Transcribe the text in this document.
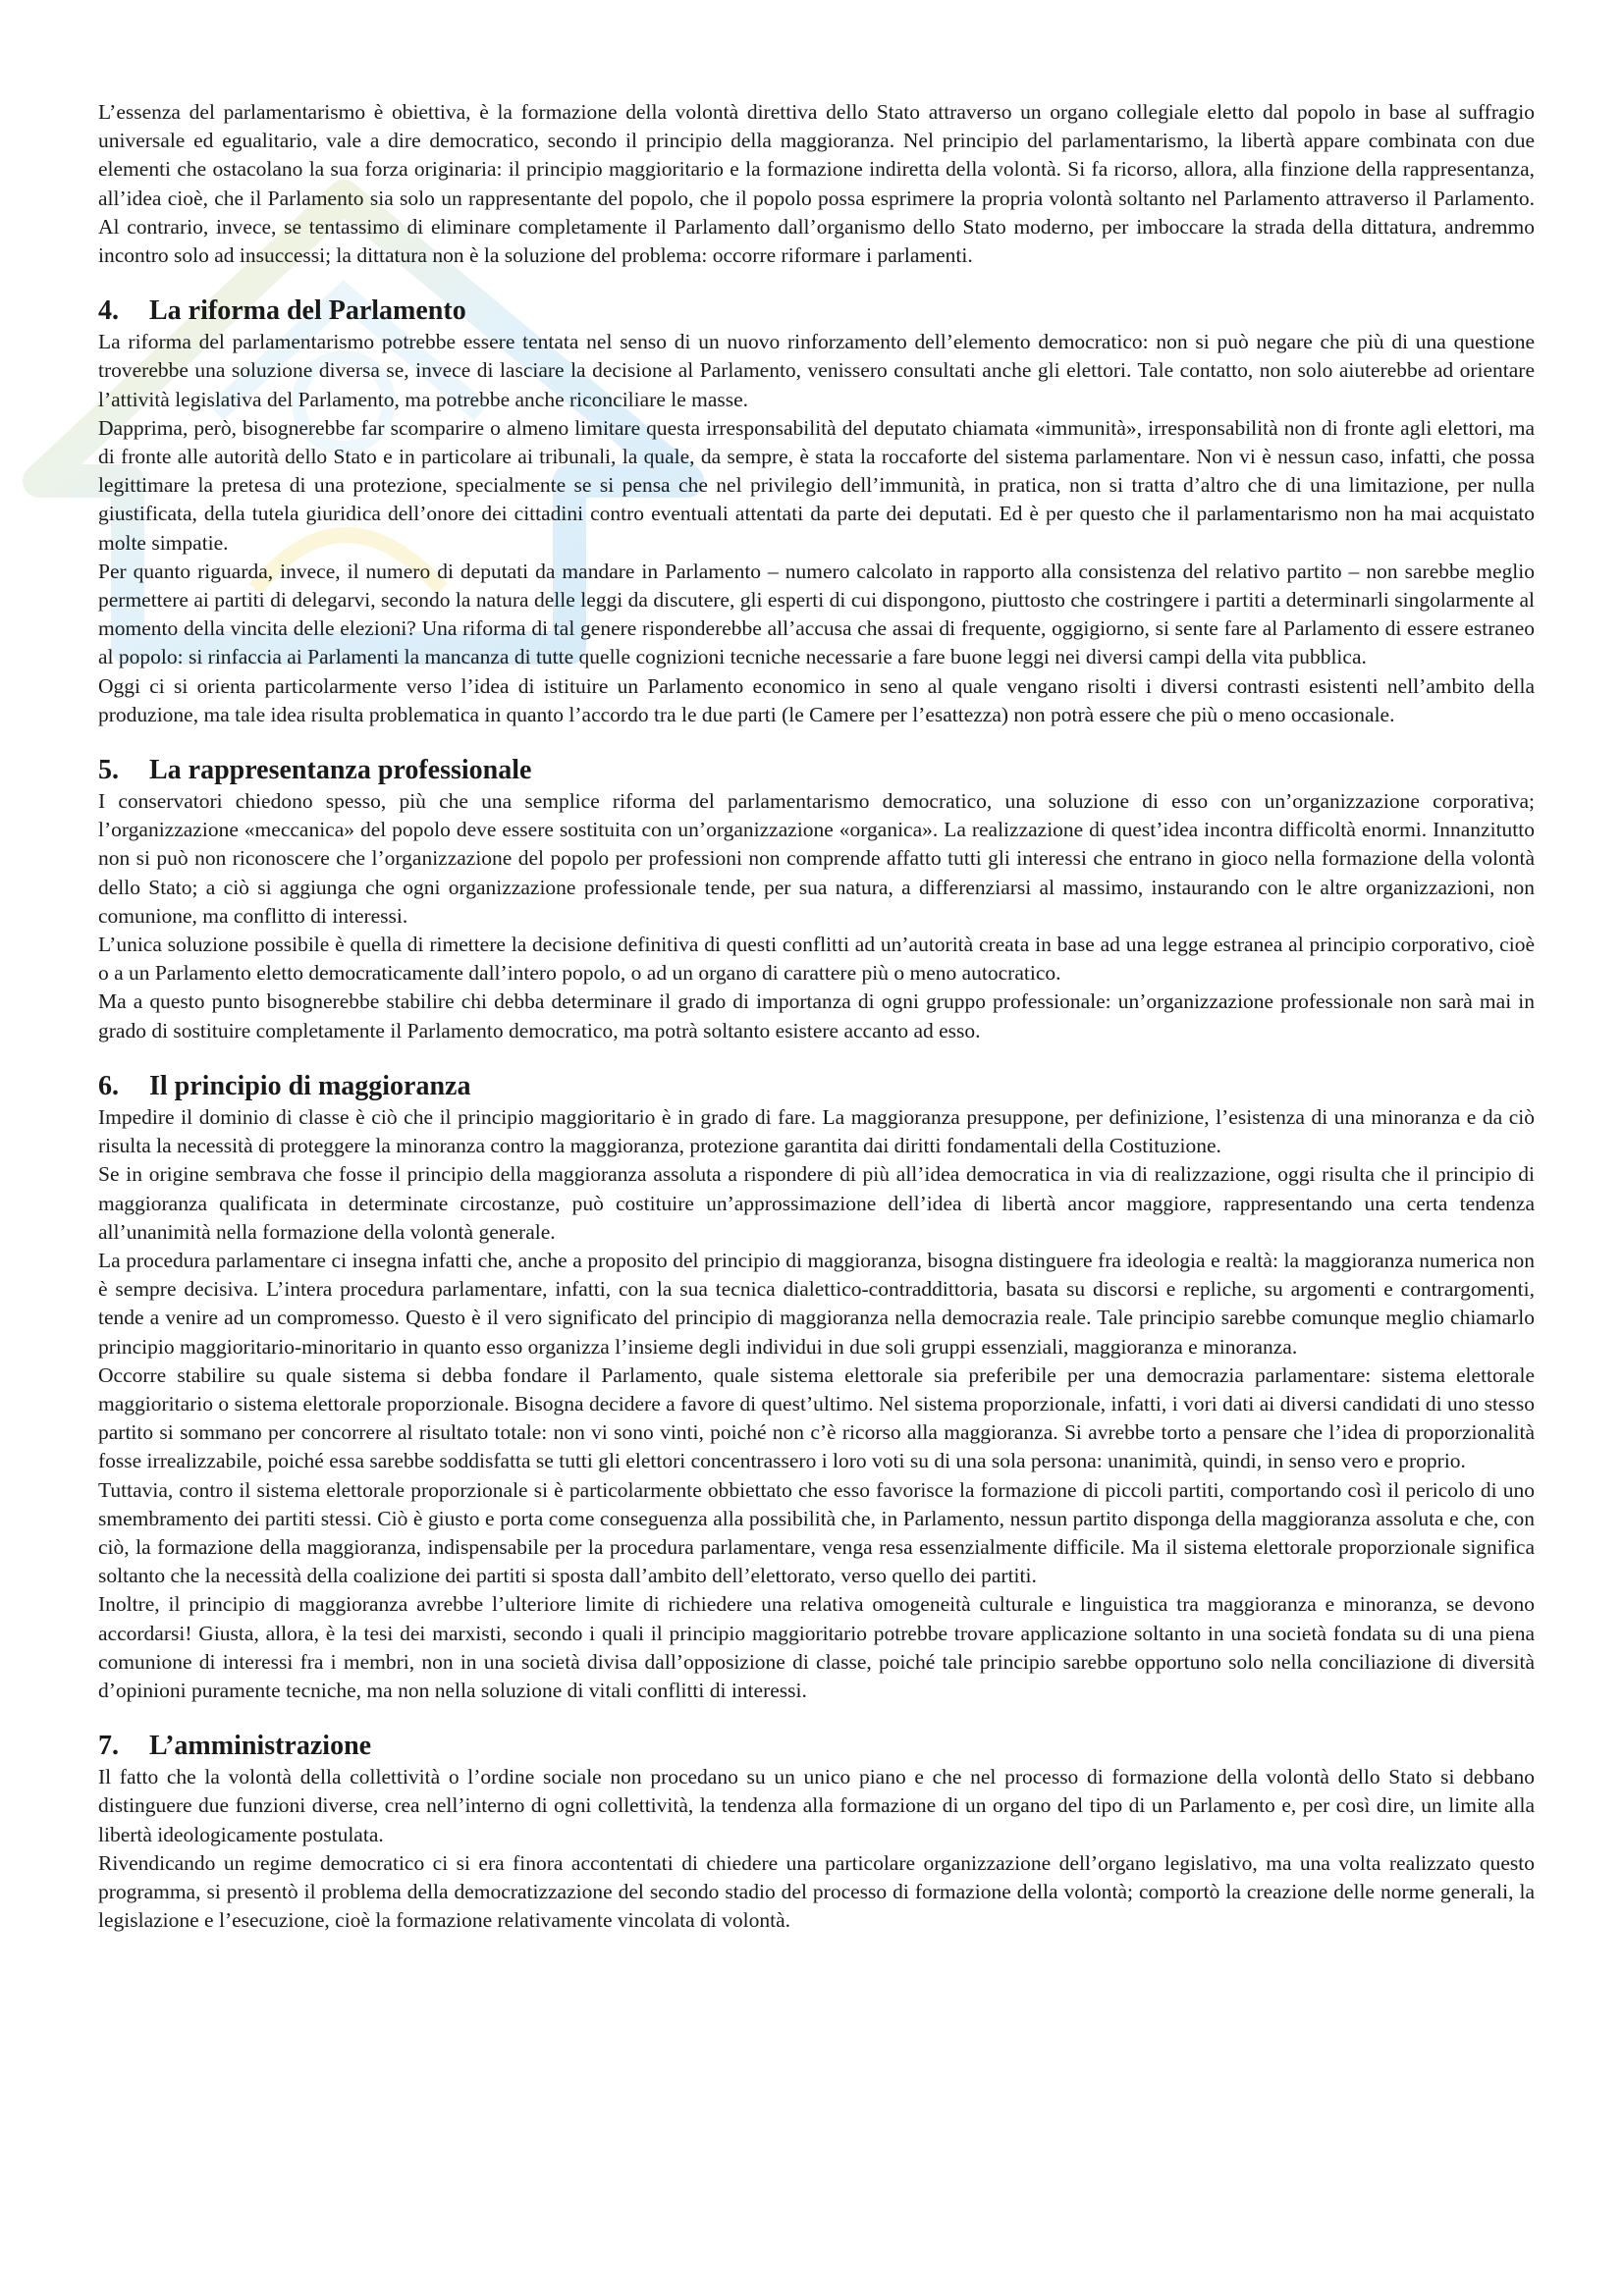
L’essenza del parlamentarismo è obiettiva, è la formazione della volontà direttiva dello Stato attraverso un organo collegiale eletto dal popolo in base al suffragio universale ed egualitario, vale a dire democratico, secondo il principio della maggioranza. Nel principio del parlamentarismo, la libertà appare combinata con due elementi che ostacolano la sua forza originaria: il principio maggioritario e la formazione indiretta della volontà. Si fa ricorso, allora, alla finzione della rappresentanza, all’idea cioè, che il Parlamento sia solo un rappresentante del popolo, che il popolo possa esprimere la propria volontà soltanto nel Parlamento attraverso il Parlamento. Al contrario, invece, se tentassimo di eliminare completamente il Parlamento dall’organismo dello Stato moderno, per imboccare la strada della dittatura, andremmo incontro solo ad insuccessi; la dittatura non è la soluzione del problema: occorre riformare i parlamenti.

4. La riforma del Parlamento

La riforma del parlamentarismo potrebbe essere tentata nel senso di un nuovo rinforzamento dell’elemento democratico: non si può negare che più di una questione troverebbe una soluzione diversa se, invece di lasciare la decisione al Parlamento, venissero consultati anche gli elettori. Tale contatto, non solo aiuterebbe ad orientare l’attività legislativa del Parlamento, ma potrebbe anche riconciliare le masse.

Dapprima, però, bisognerebbe far scomparire o almeno limitare questa irresponsabilità del deputato chiamata «immunità», irresponsabilità non di fronte agli elettori, ma di fronte alle autorità dello Stato e in particolare ai tribunali, la quale, da sempre, è stata la roccaforte del sistema parlamentare. Non vi è nessun caso, infatti, che possa legittimare la pretesa di una protezione, specialmente se si pensa che nel privilegio dell’immunità, in pratica, non si tratta d’altro che di una limitazione, per nulla giustificata, della tutela giuridica dell’onore dei cittadini contro eventuali attentati da parte dei deputati. Ed è per questo che il parlamentarismo non ha mai acquistato molte simpatie.

Per quanto riguarda, invece, il numero di deputati da mandare in Parlamento – numero calcolato in rapporto alla consistenza del relativo partito – non sarebbe meglio permettere ai partiti di delegarvi, secondo la natura delle leggi da discutere, gli esperti di cui dispongono, piuttosto che costringere i partiti a determinarli singolarmente al momento della vincita delle elezioni? Una riforma di tal genere risponderebbe all’accusa che assai di frequente, oggigiorno, si sente fare al Parlamento di essere estraneo al popolo: si rinfaccia ai Parlamenti la mancanza di tutte quelle cognizioni tecniche necessarie a fare buone leggi nei diversi campi della vita pubblica.

Oggi ci si orienta particolarmente verso l’idea di istituire un Parlamento economico in seno al quale vengano risolti i diversi contrasti esistenti nell’ambito della produzione, ma tale idea risulta problematica in quanto l’accordo tra le due parti (le Camere per l’esattezza) non potrà essere che più o meno occasionale.

5. La rappresentanza professionale

I conservatori chiedono spesso, più che una semplice riforma del parlamentarismo democratico, una soluzione di esso con un’organizzazione corporativa; l’organizzazione «meccanica» del popolo deve essere sostituita con un’organizzazione «organica». La realizzazione di quest’idea incontra difficoltà enormi. Innanzitutto non si può non riconoscere che l’organizzazione del popolo per professioni non comprende affatto tutti gli interessi che entrano in gioco nella formazione della volontà dello Stato; a ciò si aggiunga che ogni organizzazione professionale tende, per sua natura, a differenziarsi al massimo, instaurando con le altre organizzazioni, non comunione, ma conflitto di interessi.

L’unica soluzione possibile è quella di rimettere la decisione definitiva di questi conflitti ad un’autorità creata in base ad una legge estranea al principio corporativo, cioè o a un Parlamento eletto democraticamente dall’intero popolo, o ad un organo di carattere più o meno autocratico.

Ma a questo punto bisognerebbe stabilire chi debba determinare il grado di importanza di ogni gruppo professionale: un’organizzazione professionale non sarà mai in grado di sostituire completamente il Parlamento democratico, ma potrà soltanto esistere accanto ad esso.

6. Il principio di maggioranza

Impedire il dominio di classe è ciò che il principio maggioritario è in grado di fare. La maggioranza presuppone, per definizione, l’esistenza di una minoranza e da ciò risulta la necessità di proteggere la minoranza contro la maggioranza, protezione garantita dai diritti fondamentali della Costituzione.

Se in origine sembrava che fosse il principio della maggioranza assoluta a rispondere di più all’idea democratica in via di realizzazione, oggi risulta che il principio di maggioranza qualificata in determinate circostanze, può costituire un’approssimazione dell’idea di libertà ancor maggiore, rappresentando una certa tendenza all’unanimità nella formazione della volontà generale.

La procedura parlamentare ci insegna infatti che, anche a proposito del principio di maggioranza, bisogna distinguere fra ideologia e realtà: la maggioranza numerica non è sempre decisiva. L’intera procedura parlamentare, infatti, con la sua tecnica dialettico-contraddittoria, basata su discorsi e repliche, su argomenti e contrargomenti, tende a venire ad un compromesso. Questo è il vero significato del principio di maggioranza nella democrazia reale. Tale principio sarebbe comunque meglio chiamarlo principio maggioritario-minoritario in quanto esso organizza l’insieme degli individui in due soli gruppi essenziali, maggioranza e minoranza.

Occorre stabilire su quale sistema si debba fondare il Parlamento, quale sistema elettorale sia preferibile per una democrazia parlamentare: sistema elettorale maggioritario o sistema elettorale proporzionale. Bisogna decidere a favore di quest’ultimo. Nel sistema proporzionale, infatti, i vori dati ai diversi candidati di uno stesso partito si sommano per concorrere al risultato totale: non vi sono vinti, poiché non c’è ricorso alla maggioranza. Si avrebbe torto a pensare che l’idea di proporzionalità fosse irrealizzabile, poiché essa sarebbe soddisfatta se tutti gli elettori concentrassero i loro voti su di una sola persona: unanimità, quindi, in senso vero e proprio.

Tuttavia, contro il sistema elettorale proporzionale si è particolarmente obbiettato che esso favorisce la formazione di piccoli partiti, comportando così il pericolo di uno smembramento dei partiti stessi. Ciò è giusto e porta come conseguenza alla possibilità che, in Parlamento, nessun partito disponga della maggioranza assoluta e che, con ciò, la formazione della maggioranza, indispensabile per la procedura parlamentare, venga resa essenzialmente difficile. Ma il sistema elettorale proporzionale significa soltanto che la necessità della coalizione dei partiti si sposta dall’ambito dell’elettorato, verso quello dei partiti.

Inoltre, il principio di maggioranza avrebbe l’ulteriore limite di richiedere una relativa omogeneità culturale e linguistica tra maggioranza e minoranza, se devono accordarsi! Giusta, allora, è la tesi dei marxisti, secondo i quali il principio maggioritario potrebbe trovare applicazione soltanto in una società fondata su di una piena comunione di interessi fra i membri, non in una società divisa dall’opposizione di classe, poiché tale principio sarebbe opportuno solo nella conciliazione di diversità d’opinioni puramente tecniche, ma non nella soluzione di vitali conflitti di interessi.

7. L’amministrazione

Il fatto che la volontà della collettività o l’ordine sociale non procedano su un unico piano e che nel processo di formazione della volontà dello Stato si debbano distinguere due funzioni diverse, crea nell’interno di ogni collettività, la tendenza alla formazione di un organo del tipo di un Parlamento e, per così dire, un limite alla libertà ideologicamente postulata.

Rivendicando un regime democratico ci si era finora accontentati di chiedere una particolare organizzazione dell’organo legislativo, ma una volta realizzato questo programma, si presentò il problema della democratizzazione del secondo stadio del processo di formazione della volontà; comportò la creazione delle norme generali, la legislazione e l’esecuzione, cioè la formazione relativamente vincolata di volontà.
